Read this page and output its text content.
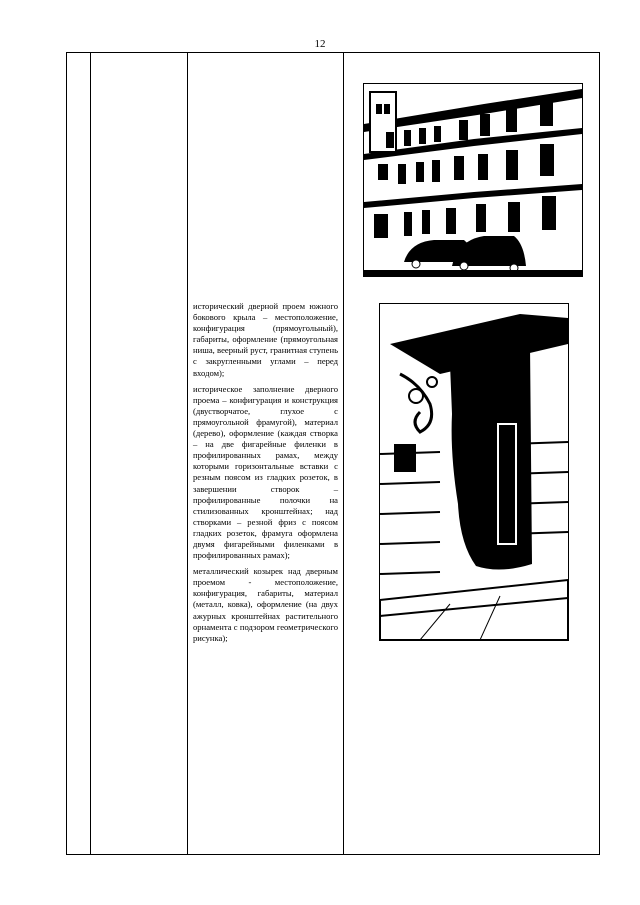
12

исторический дверной проем южного бокового крыла – местоположение, конфигурация (прямоугольный), габариты, оформление (прямоугольная ниша, веерный руст, гранитная ступень с закругленными углами – перед входом);

историческое заполнение дверного проема – конфигурация и конструкция (двустворчатое, глухое с прямоугольной фрамугой), материал (дерево), оформление (каждая створка – на две фигарейные филенки в профилированных рамах, между которыми горизонтальные вставки с резным поясом из гладких розеток, в завершении створок – профилированные полочки на стилизованных кронштейнах; над створками – резной фриз с поясом гладких розеток, фрамуга оформлена двумя фигарейными филенками в профилированных рамах);

металлический козырек над дверным проемом - местоположение, конфигурация, габариты, материал (металл, ковка), оформление (на двух ажурных кронштейнах растительного орнамента с подзором геометрического рисунка);
